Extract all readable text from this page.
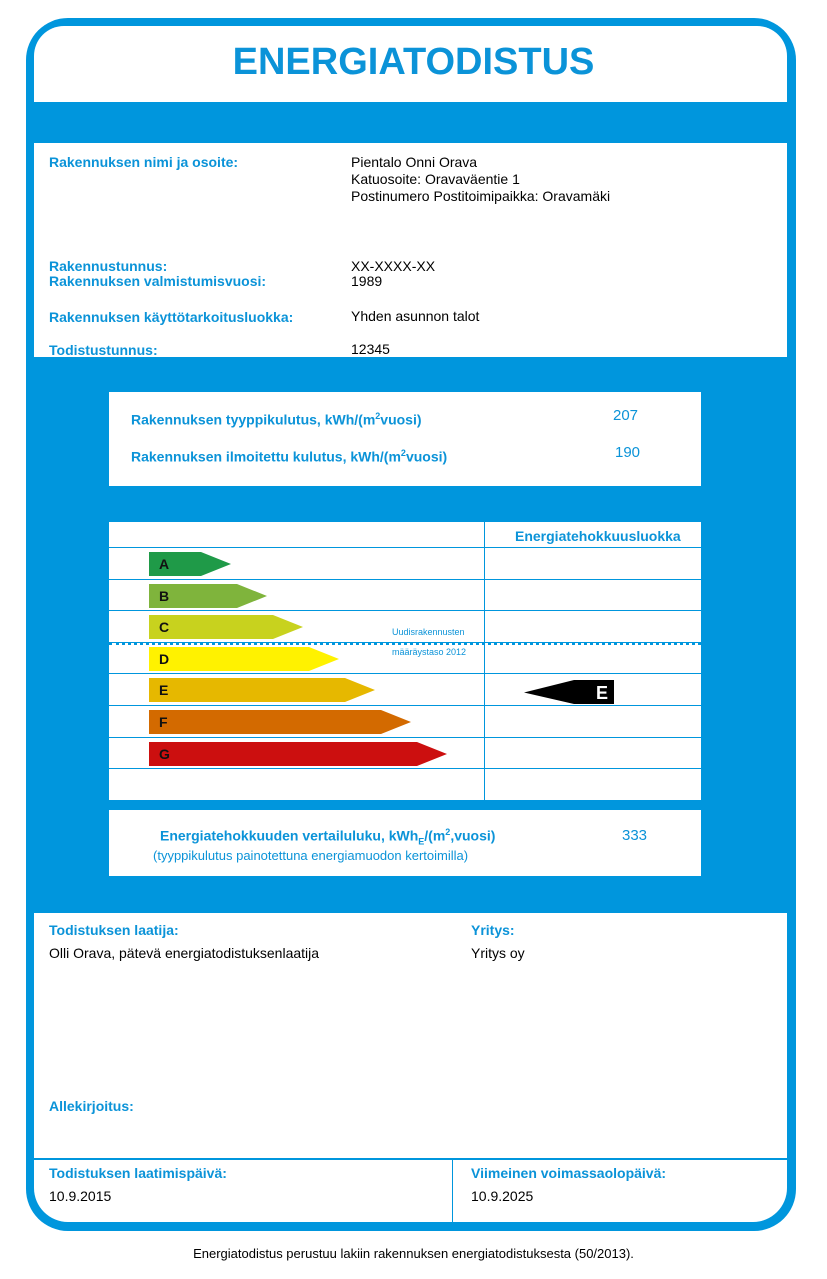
ENERGIATODISTUS
Rakennuksen nimi ja osoite:	Pientalo Onni Orava
Katuosoite: Oravaväentie 1
Postinumero Postitoimipaikka: Oravamäki
Rakennustunnus:	XX-XXXX-XX
Rakennuksen valmistumisvuosi:	1989
Rakennuksen käyttötarkoitusluokka:	Yhden asunnon talot
Todistustunnus:	12345
Rakennuksen tyyppikulutus, kWh/$(m^2vuosi)$	207
Rakennuksen ilmoitettu kulutus, kWh/$(m^2vuosi)$	190
Energiatehokkuusluokka
A
B
C
D
E
F
G
Uudisrakennusten
määräystaso 2012
E
Energiatehokkuuden vertailuluku, $kWh_E/(m^2,vuosi)$
(tyyppikulutus painotettuna energiamuodon kertoimilla)
333
Todistuksen laatija:
Olli Orava, pätevä energiatodistuksenlaatija
Yritys:
Yritys oy
Allekirjoitus:
Todistuksen laatimispäivä:
10.9.2015
Viimeinen voimassaolopäivä:
10.9.2025
Energiatodistus perustuu lakiin rakennuksen energiatodistuksesta (50/2013).
